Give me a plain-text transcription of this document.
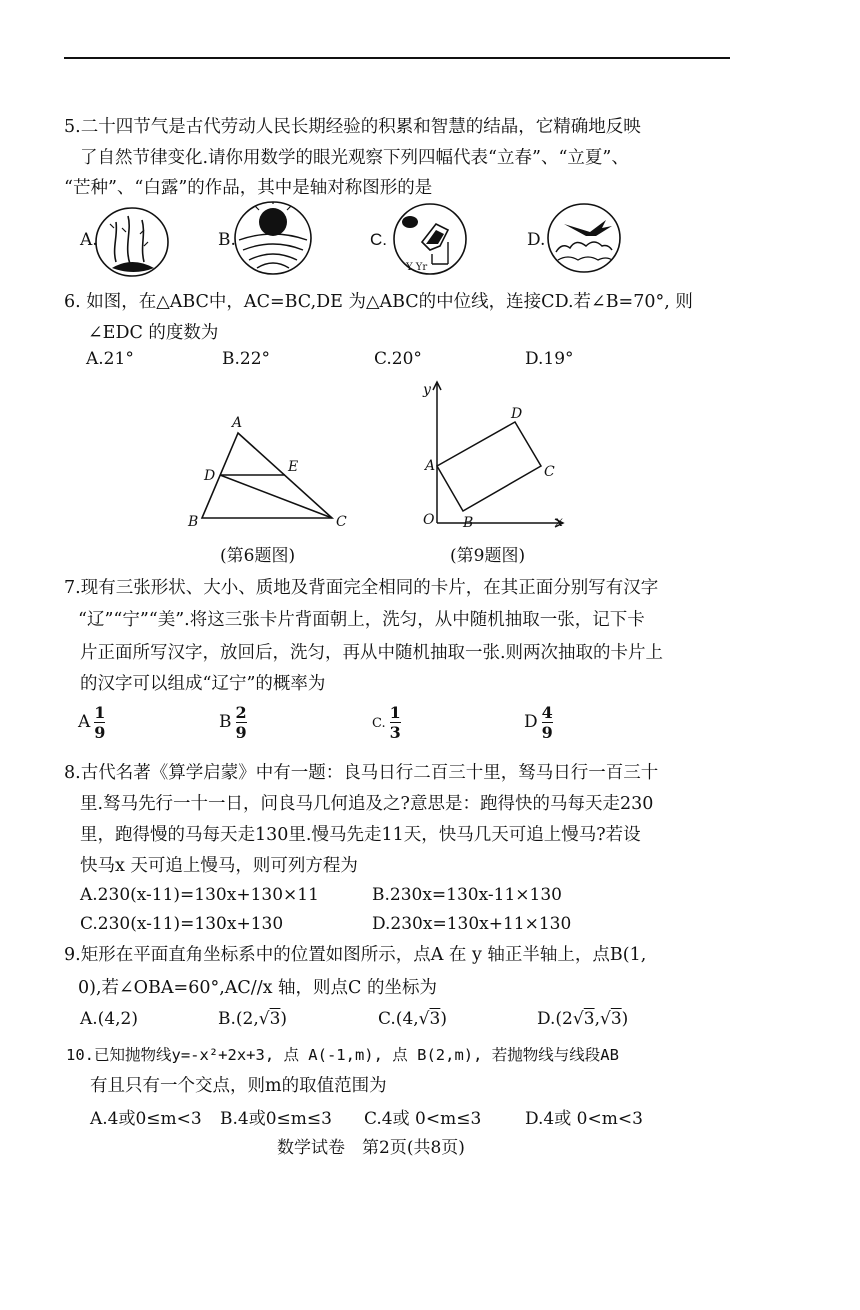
5.二十四节气是古代劳动人民长期经验的积累和智慧的结晶，它精确地反映
了自然节律变化.请你用数学的眼光观察下列四幅代表“立春”、“立夏”、
“芒种”、“白露”的作品，其中是轴对称图形的是
A.	B.	C.
Y Yr
D.
6. 如图，在△ABC中，AC=BC,DE 为△ABC的中位线，连接CD.若∠B=70°, 则
∠EDC 的度数为
A.21°	B.22°	C.20°	D.19°
A
D
E
B	C
(第6题图)
y
D
A	C
O B	x
(第9题图)
7.现有三张形状、大小、质地及背面完全相同的卡片，在其正面分别写有汉字
“辽”“宁”“美”.将这三张卡片背面朝上，洗匀，从中随机抽取一张，记下卡
片正面所写汉字，放回后，洗匀，再从中随机抽取一张.则两次抽取的卡片上
的汉字可以组成“辽宁”的概率为
A $\frac{1}{9}$	B $\frac{2}{9}$	C. $\frac{1}{3}$	D $\frac{4}{9}$
8.古代名著《算学启蒙》中有一题：良马日行二百三十里，驽马日行一百三十
里.驽马先行一十一日，问良马几何追及之?意思是：跑得快的马每天走230
里，跑得慢的马每天走130里.慢马先走11天，快马几天可追上慢马?若设
快马x 天可追上慢马，则可列方程为
A.230(x-11)=130x+130×11	B.230x=130x-11×130
C.230(x-11)=130x+130	D.230x=130x+11×130
9.矩形在平面直角坐标系中的位置如图所示，点A 在 y 轴正半轴上，点B(1,
0),若∠OBA=60°,AC//x 轴，则点C 的坐标为
A.(4,2)	B.(2,√3)	C.(4,√3)	D.(2√3,√3)
10.已知抛物线y=-x²+2x+3, 点 A(-1,m), 点 B(2,m), 若抛物线与线段AB
有且只有一个交点，则m的取值范围为
A.4或0≤m<3 B.4或0≤m≤3 C.4或 0<m≤3	D.4或 0<m<3
数学试卷　第2页(共8页)
